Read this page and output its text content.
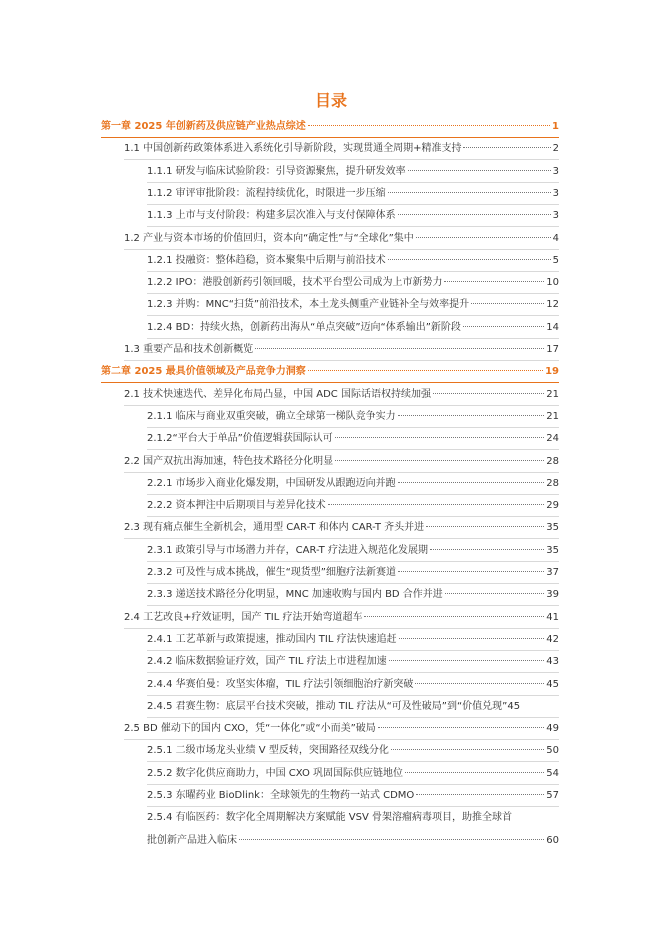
目录
第一章 2025 年创新药及供应链产业热点综述	1
1.1 中国创新药政策体系进入系统化引导新阶段，实现贯通全周期+精准支持	2
1.1.1 研发与临床试验阶段：引导资源聚焦，提升研发效率	3
1.1.2 审评审批阶段：流程持续优化，时限进一步压缩	3
1.1.3 上市与支付阶段：构建多层次准入与支付保障体系	3
1.2 产业与资本市场的价值回归，资本向“确定性”与“全球化”集中	4
1.2.1 投融资：整体趋稳，资本聚集中后期与前沿技术	5
1.2.2 IPO：港股创新药引领回暖，技术平台型公司成为上市新势力	10
1.2.3 并购：MNC“扫货”前沿技术，本土龙头侧重产业链补全与效率提升	12
1.2.4 BD：持续火热，创新药出海从“单点突破”迈向“体系输出”新阶段	14
1.3 重要产品和技术创新概览	17
第二章 2025 最具价值领域及产品竞争力洞察	19
2.1 技术快速迭代、差异化布局凸显，中国 ADC 国际话语权持续加强	21
2.1.1 临床与商业双重突破，确立全球第一梯队竞争实力	21
2.1.2“平台大于单品”价值逻辑获国际认可	24
2.2 国产双抗出海加速，特色技术路径分化明显	28
2.2.1 市场步入商业化爆发期，中国研发从跟跑迈向并跑	28
2.2.2 资本押注中后期项目与差异化技术	29
2.3 现有痛点催生全新机会，通用型 CAR-T 和体内 CAR-T 齐头并进	35
2.3.1 政策引导与市场潜力并存，CAR-T 疗法进入规范化发展期	35
2.3.2 可及性与成本挑战，催生“现货型”细胞疗法新赛道	37
2.3.3 递送技术路径分化明显，MNC 加速收购与国内 BD 合作并进	39
2.4 工艺改良+疗效证明，国产 TIL 疗法开始弯道超车	41
2.4.1 工艺革新与政策提速，推动国内 TIL 疗法快速追赶	42
2.4.2 临床数据验证疗效，国产 TIL 疗法上市进程加速	43
2.4.4 华赛伯曼：攻坚实体瘤，TIL 疗法引领细胞治疗新突破	45
2.4.5 君赛生物：底层平台技术突破，推动 TIL 疗法从“可及性破局”到“价值兑现” 45
2.5 BD 催动下的国内 CXO，凭“一体化”或“小而美”破局	49
2.5.1 二级市场龙头业绩 V 型反转，突围路径双线分化	50
2.5.2 数字化供应商助力，中国 CXO 巩固国际供应链地位	54
2.5.3 东曜药业 BioDlink：全球领先的生物药一站式 CDMO	57
2.5.4 有临医药：数字化全周期解决方案赋能 VSV 骨架溶瘤病毒项目，助推全球首
批创新产品进入临床	60
